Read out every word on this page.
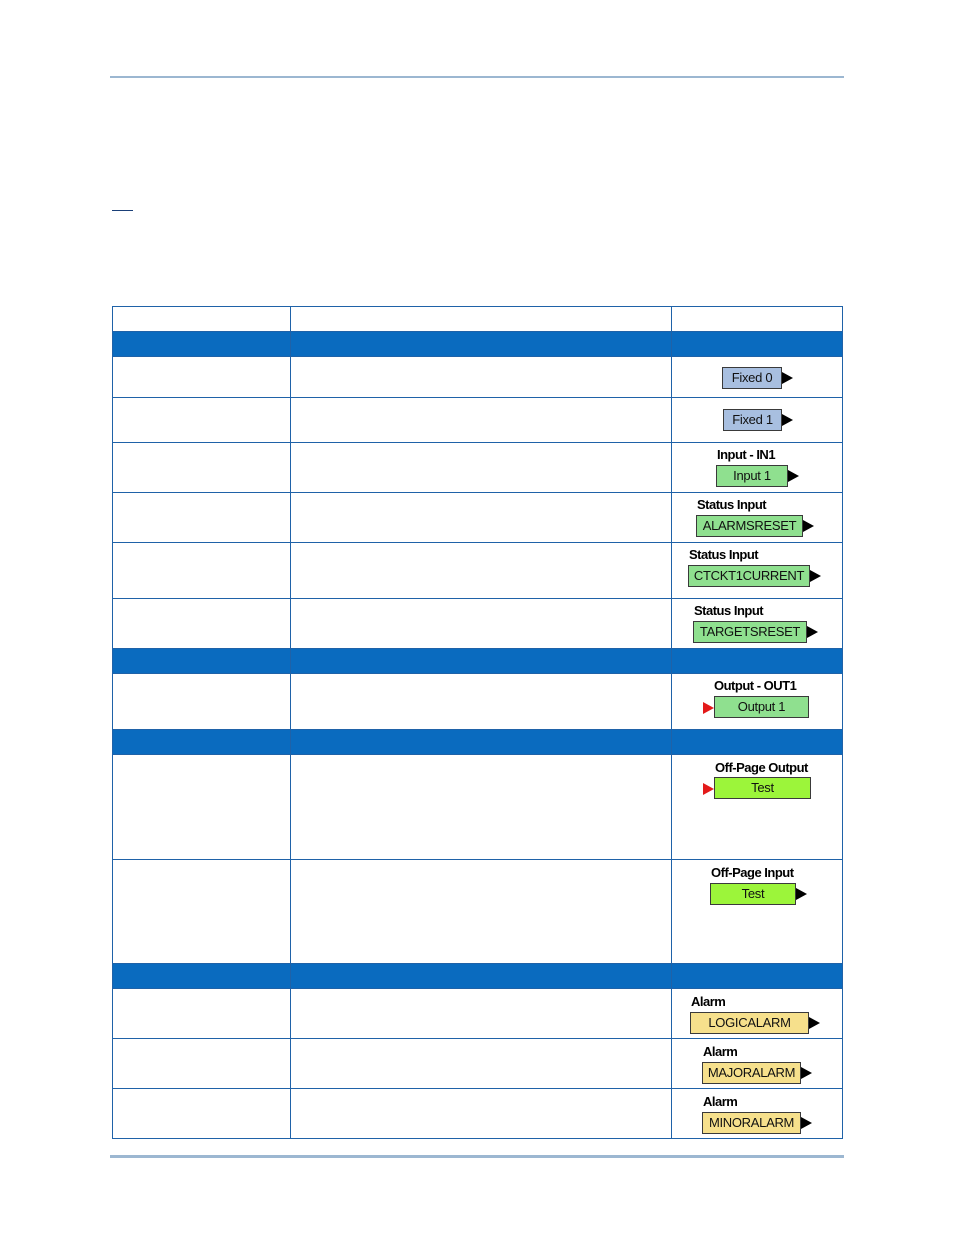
		Fixed 0

		Fixed 1

		Input - IN1
Input 1

		Status Input
ALARMSRESET

		Status Input
CTCKT1CURRENT

		Status Input
TARGETSRESET

		Output - OUT1
Output 1

		Off-Page Output
Test

		Off-Page Input
Test

		Alarm
LOGICALARM

		Alarm
MAJORALARM

		Alarm
MINORALARM
